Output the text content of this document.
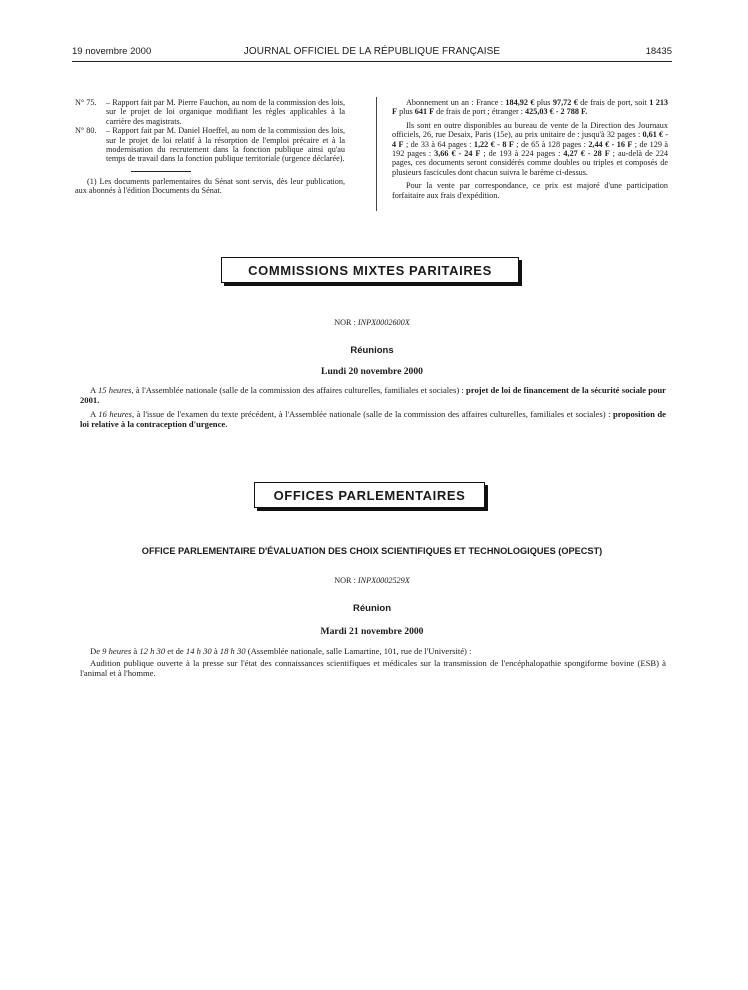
19 novembre 2000	JOURNAL OFFICIEL DE LA RÉPUBLIQUE FRANÇAISE	18435

N° 75. – Rapport fait par M. Pierre Fauchon, au nom de la commission des lois, sur le projet de loi organique modifiant les règles applicables à la carrière des magistrats.

N° 80. – Rapport fait par M. Daniel Hoeffel, au nom de la commission des lois, sur le projet de loi relatif à la résorption de l'emploi précaire et à la modernisation du recrutement dans la fonction publique ainsi qu'au temps de travail dans la fonction publique territoriale (urgence déclarée).

(1) Les documents parlementaires du Sénat sont servis, dès leur publication, aux abonnés à l'édition Documents du Sénat.

Abonnement un an : France : 184,92 € plus 97,72 € de frais de port, soit 1 213 F plus 641 F de frais de port ; étranger : 425,03 € - 2 788 F.

Ils sont en outre disponibles au bureau de vente de la Direction des Journaux officiels, 26, rue Desaix, Paris (15e), au prix unitaire de : jusqu'à 32 pages : 0,61 € - 4 F ; de 33 à 64 pages : 1,22 € - 8 F ; de 65 à 128 pages : 2,44 € - 16 F ; de 129 à 192 pages : 3,66 € - 24 F ; de 193 à 224 pages : 4,27 € - 28 F ; au-delà de 224 pages, ces documents seront considérés comme doubles ou triples et composés de plusieurs fascicules dont chacun suivra le barème ci-dessus.

Pour la vente par correspondance, ce prix est majoré d'une participation forfaitaire aux frais d'expédition.

COMMISSIONS MIXTES PARITAIRES
NOR : INPX0002600X
Réunions
Lundi 20 novembre 2000

A 15 heures, à l'Assemblée nationale (salle de la commission des affaires culturelles, familiales et sociales) : projet de loi de financement de la sécurité sociale pour 2001.

A 16 heures, à l'issue de l'examen du texte précédent, à l'Assemblée nationale (salle de la commission des affaires culturelles, familiales et sociales) : proposition de loi relative à la contraception d'urgence.

OFFICES PARLEMENTAIRES
OFFICE PARLEMENTAIRE D'ÉVALUATION DES CHOIX SCIENTIFIQUES ET TECHNOLOGIQUES (OPECST)
NOR : INPX0002529X
Réunion
Mardi 21 novembre 2000

De 9 heures à 12 h 30 et de 14 h 30 à 18 h 30 (Assemblée nationale, salle Lamartine, 101, rue de l'Université) :

Audition publique ouverte à la presse sur l'état des connaissances scientifiques et médicales sur la transmission de l'encéphalopathie spongiforme bovine (ESB) à l'animal et à l'homme.
